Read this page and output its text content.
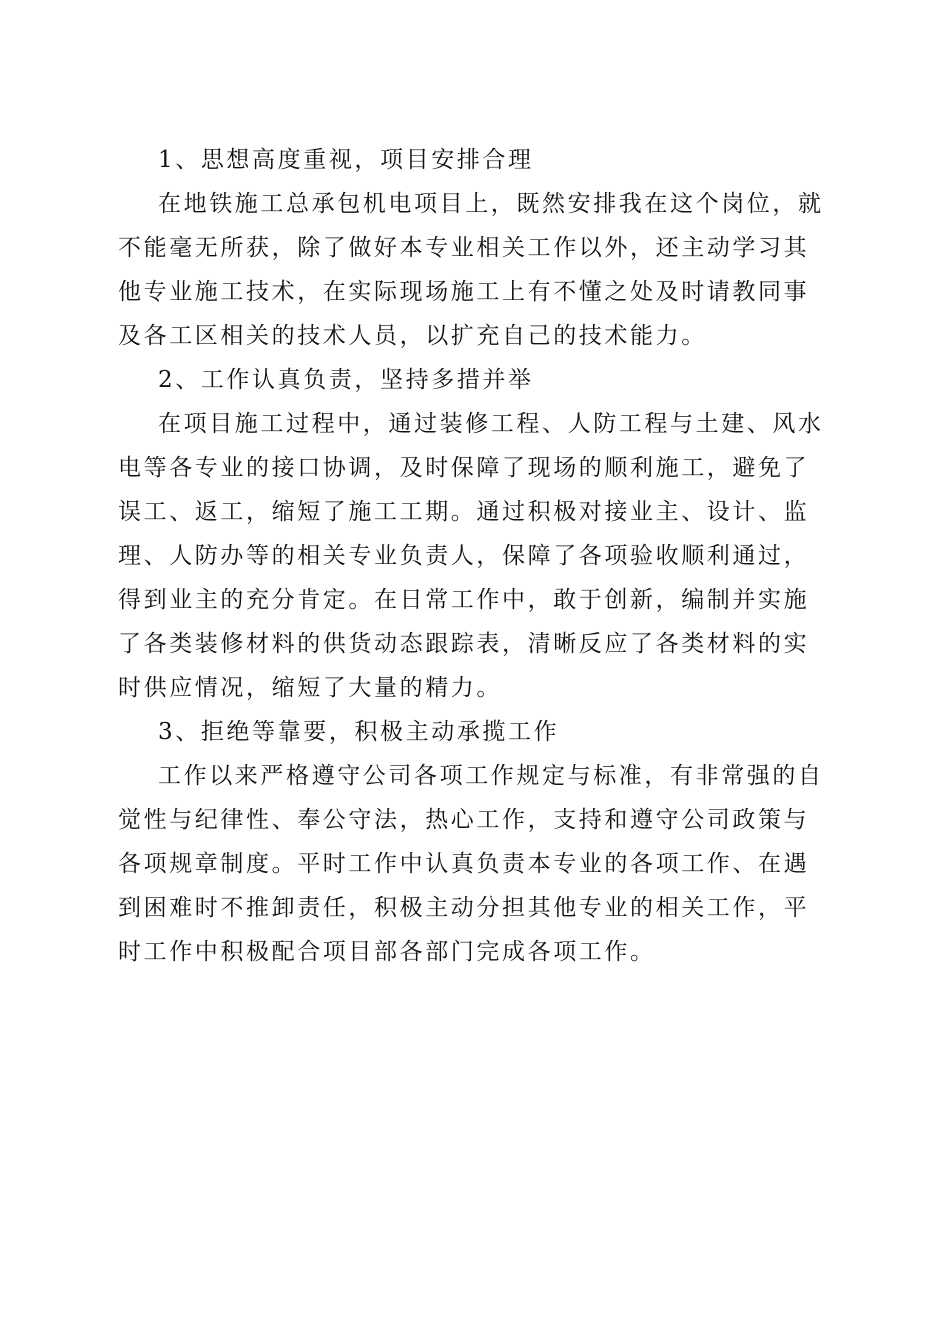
1、思想高度重视，项目安排合理
在地铁施工总承包机电项目上，既然安排我在这个岗位，就
不能毫无所获，除了做好本专业相关工作以外，还主动学习其
他专业施工技术，在实际现场施工上有不懂之处及时请教同事
及各工区相关的技术人员，以扩充自己的技术能力。
2、工作认真负责，坚持多措并举
在项目施工过程中，通过装修工程、人防工程与土建、风水
电等各专业的接口协调，及时保障了现场的顺利施工，避免了
误工、返工，缩短了施工工期。通过积极对接业主、设计、监
理、人防办等的相关专业负责人，保障了各项验收顺利通过，
得到业主的充分肯定。在日常工作中，敢于创新，编制并实施
了各类装修材料的供货动态跟踪表，清晰反应了各类材料的实
时供应情况，缩短了大量的精力。
3、拒绝等靠要，积极主动承揽工作
工作以来严格遵守公司各项工作规定与标准，有非常强的自
觉性与纪律性、奉公守法，热心工作，支持和遵守公司政策与
各项规章制度。平时工作中认真负责本专业的各项工作、在遇
到困难时不推卸责任，积极主动分担其他专业的相关工作，平
时工作中积极配合项目部各部门完成各项工作。
